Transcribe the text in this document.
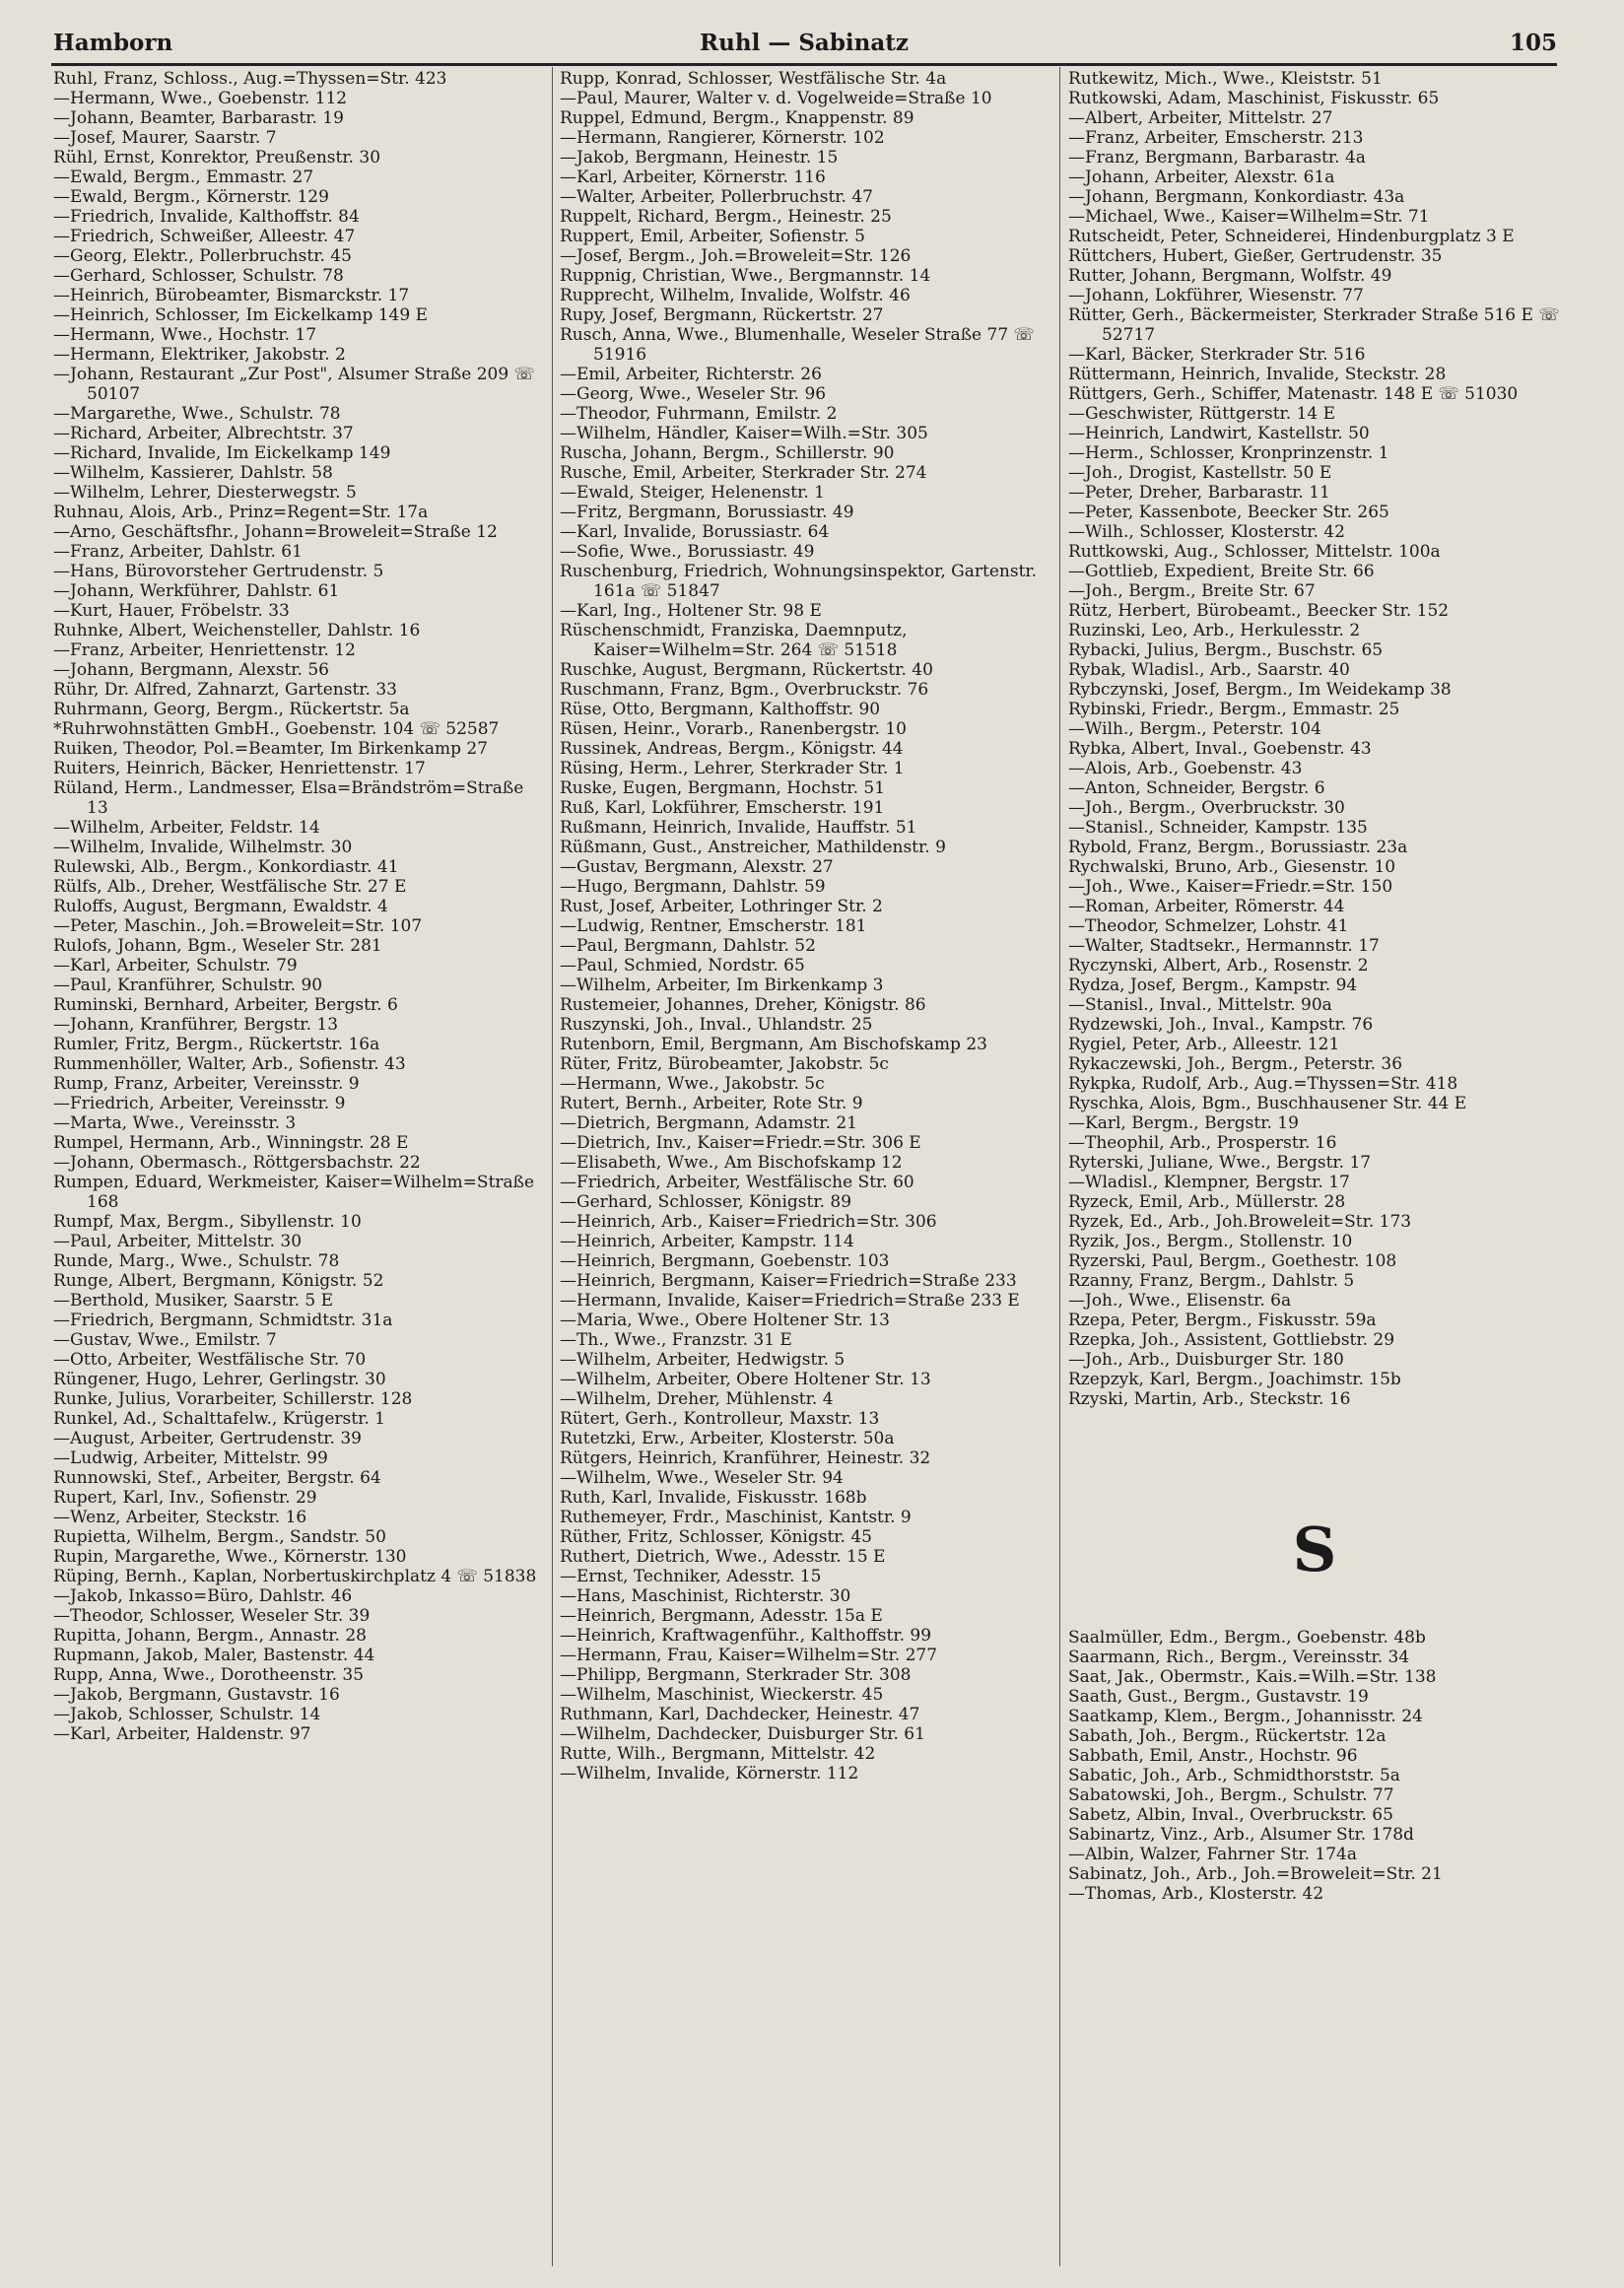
Hamborn	Ruhl — Sabinatz	105
Ruhl, Franz, Schloss., Aug.=Thyssen=Str. 423
—Hermann, Wwe., Goebenstr. 112
—Johann, Beamter, Barbarastr. 19
—Josef, Maurer, Saarstr. 7
Rühl, Ernst, Konrektor, Preußenstr. 30
—Ewald, Bergm., Emmastr. 27
—Ewald, Bergm., Körnerstr. 129
—Friedrich, Invalide, Kalthoffstr. 84
—Friedrich, Schweißer, Alleestr. 47
—Georg, Elektr., Pollerbruchstr. 45
—Gerhard, Schlosser, Schulstr. 78
—Heinrich, Bürobeamter, Bismarckstr. 17
—Heinrich, Schlosser, Im Eickelkamp 149 E
—Hermann, Wwe., Hochstr. 17
—Hermann, Elektriker, Jakobstr. 2
—Johann, Restaurant „Zur Post", Alsumer Straße 209 ☏ 50107
—Margarethe, Wwe., Schulstr. 78
—Richard, Arbeiter, Albrechtstr. 37
—Richard, Invalide, Im Eickelkamp 149
—Wilhelm, Kassierer, Dahlstr. 58
—Wilhelm, Lehrer, Diesterwegstr. 5
Ruhnau, Alois, Arb., Prinz=Regent=Str. 17a
—Arno, Geschäftsfhr., Johann=Broweleit=Straße 12
—Franz, Arbeiter, Dahlstr. 61
—Hans, Bürovorsteher Gertrudenstr. 5
—Johann, Werkführer, Dahlstr. 61
—Kurt, Hauer, Fröbelstr. 33
Ruhnke, Albert, Weichensteller, Dahlstr. 16
—Franz, Arbeiter, Henriettenstr. 12
—Johann, Bergmann, Alexstr. 56
Rühr, Dr. Alfred, Zahnarzt, Gartenstr. 33
Ruhrmann, Georg, Bergm., Rückertstr. 5a
*Ruhrwohnstätten GmbH., Goebenstr. 104 ☏ 52587
Ruiken, Theodor, Pol.=Beamter, Im Birkenkamp 27
Ruiters, Heinrich, Bäcker, Henriettenstr. 17
Rüland, Herm., Landmesser, Elsa=Brändström=Straße 13
—Wilhelm, Arbeiter, Feldstr. 14
—Wilhelm, Invalide, Wilhelmstr. 30
Rulewski, Alb., Bergm., Konkordiastr. 41
Rülfs, Alb., Dreher, Westfälische Str. 27 E
Ruloffs, August, Bergmann, Ewaldstr. 4
—Peter, Maschin., Joh.=Broweleit=Str. 107
Rulofs, Johann, Bgm., Weseler Str. 281
—Karl, Arbeiter, Schulstr. 79
—Paul, Kranführer, Schulstr. 90
Ruminski, Bernhard, Arbeiter, Bergstr. 6
—Johann, Kranführer, Bergstr. 13
Rumler, Fritz, Bergm., Rückertstr. 16a
Rummenhöller, Walter, Arb., Sofienstr. 43
Rump, Franz, Arbeiter, Vereinsstr. 9
—Friedrich, Arbeiter, Vereinsstr. 9
—Marta, Wwe., Vereinsstr. 3
Rumpel, Hermann, Arb., Winningstr. 28 E
—Johann, Obermasch., Röttgersbachstr. 22
Rumpen, Eduard, Werkmeister, Kaiser=Wilhelm=Straße 168
Rumpf, Max, Bergm., Sibyllenstr. 10
—Paul, Arbeiter, Mittelstr. 30
Runde, Marg., Wwe., Schulstr. 78
Runge, Albert, Bergmann, Königstr. 52
—Berthold, Musiker, Saarstr. 5 E
—Friedrich, Bergmann, Schmidtstr. 31a
—Gustav, Wwe., Emilstr. 7
—Otto, Arbeiter, Westfälische Str. 70
Rüngener, Hugo, Lehrer, Gerlingstr. 30
Runke, Julius, Vorarbeiter, Schillerstr. 128
Runkel, Ad., Schalttafelw., Krügerstr. 1
—August, Arbeiter, Gertrudenstr. 39
—Ludwig, Arbeiter, Mittelstr. 99
Runnowski, Stef., Arbeiter, Bergstr. 64
Rupert, Karl, Inv., Sofienstr. 29
—Wenz, Arbeiter, Steckstr. 16
Rupietta, Wilhelm, Bergm., Sandstr. 50
Rupin, Margarethe, Wwe., Körnerstr. 130
Rüping, Bernh., Kaplan, Norbertuskirchplatz 4 ☏ 51838
—Jakob, Inkasso=Büro, Dahlstr. 46
—Theodor, Schlosser, Weseler Str. 39
Rupitta, Johann, Bergm., Annastr. 28
Rupmann, Jakob, Maler, Bastenstr. 44
Rupp, Anna, Wwe., Dorotheenstr. 35
—Jakob, Bergmann, Gustavstr. 16
—Jakob, Schlosser, Schulstr. 14
—Karl, Arbeiter, Haldenstr. 97
Rupp, Konrad, Schlosser, Westfälische Str. 4a
—Paul, Maurer, Walter v. d. Vogelweide=Straße 10
Ruppel, Edmund, Bergm., Knappenstr. 89
—Hermann, Rangierer, Körnerstr. 102
—Jakob, Bergmann, Heinestr. 15
—Karl, Arbeiter, Körnerstr. 116
—Walter, Arbeiter, Pollerbruchstr. 47
Ruppelt, Richard, Bergm., Heinestr. 25
Ruppert, Emil, Arbeiter, Sofienstr. 5
—Josef, Bergm., Joh.=Broweleit=Str. 126
Ruppnig, Christian, Wwe., Bergmannstr. 14
Rupprecht, Wilhelm, Invalide, Wolfstr. 46
Rupy, Josef, Bergmann, Rückertstr. 27
Rusch, Anna, Wwe., Blumenhalle, Weseler Straße 77 ☏ 51916
—Emil, Arbeiter, Richterstr. 26
—Georg, Wwe., Weseler Str. 96
—Theodor, Fuhrmann, Emilstr. 2
—Wilhelm, Händler, Kaiser=Wilh.=Str. 305
Ruscha, Johann, Bergm., Schillerstr. 90
Rusche, Emil, Arbeiter, Sterkrader Str. 274
—Ewald, Steiger, Helenenstr. 1
—Fritz, Bergmann, Borussiastr. 49
—Karl, Invalide, Borussiastr. 64
—Sofie, Wwe., Borussiastr. 49
Ruschenburg, Friedrich, Wohnungsinspektor, Gartenstr. 161a ☏ 51847
—Karl, Ing., Holtener Str. 98 E
Rüschenschmidt, Franziska, Daemnputz, Kaiser=Wilhelm=Str. 264 ☏ 51518
Ruschke, August, Bergmann, Rückertstr. 40
Ruschmann, Franz, Bgm., Overbruckstr. 76
Rüse, Otto, Bergmann, Kalthoffstr. 90
Rüsen, Heinr., Vorarb., Ranenbergstr. 10
Russinek, Andreas, Bergm., Königstr. 44
Rüsing, Herm., Lehrer, Sterkrader Str. 1
Ruske, Eugen, Bergmann, Hochstr. 51
Ruß, Karl, Lokführer, Emscherstr. 191
Rußmann, Heinrich, Invalide, Hauffstr. 51
Rüßmann, Gust., Anstreicher, Mathildenstr. 9
—Gustav, Bergmann, Alexstr. 27
—Hugo, Bergmann, Dahlstr. 59
Rust, Josef, Arbeiter, Lothringer Str. 2
—Ludwig, Rentner, Emscherstr. 181
—Paul, Bergmann, Dahlstr. 52
—Paul, Schmied, Nordstr. 65
—Wilhelm, Arbeiter, Im Birkenkamp 3
Rustemeier, Johannes, Dreher, Königstr. 86
Ruszynski, Joh., Inval., Uhlandstr. 25
Rutenborn, Emil, Bergmann, Am Bischofskamp 23
Rüter, Fritz, Bürobeamter, Jakobstr. 5c
—Hermann, Wwe., Jakobstr. 5c
Rutert, Bernh., Arbeiter, Rote Str. 9
—Dietrich, Bergmann, Adamstr. 21
—Dietrich, Inv., Kaiser=Friedr.=Str. 306 E
—Elisabeth, Wwe., Am Bischofskamp 12
—Friedrich, Arbeiter, Westfälische Str. 60
—Gerhard, Schlosser, Königstr. 89
—Heinrich, Arb., Kaiser=Friedrich=Str. 306
—Heinrich, Arbeiter, Kampstr. 114
—Heinrich, Bergmann, Goebenstr. 103
—Heinrich, Bergmann, Kaiser=Friedrich=Straße 233
—Hermann, Invalide, Kaiser=Friedrich=Straße 233 E
—Maria, Wwe., Obere Holtener Str. 13
—Th., Wwe., Franzstr. 31 E
—Wilhelm, Arbeiter, Hedwigstr. 5
—Wilhelm, Arbeiter, Obere Holtener Str. 13
—Wilhelm, Dreher, Mühlenstr. 4
Rütert, Gerh., Kontrolleur, Maxstr. 13
Rutetzki, Erw., Arbeiter, Klosterstr. 50a
Rütgers, Heinrich, Kranführer, Heinestr. 32
—Wilhelm, Wwe., Weseler Str. 94
Ruth, Karl, Invalide, Fiskusstr. 168b
Ruthemeyer, Frdr., Maschinist, Kantstr. 9
Rüther, Fritz, Schlosser, Königstr. 45
Ruthert, Dietrich, Wwe., Adesstr. 15 E
—Ernst, Techniker, Adesstr. 15
—Hans, Maschinist, Richterstr. 30
—Heinrich, Bergmann, Adesstr. 15a E
—Heinrich, Kraftwagenführ., Kalthoffstr. 99
—Hermann, Frau, Kaiser=Wilhelm=Str. 277
—Philipp, Bergmann, Sterkrader Str. 308
—Wilhelm, Maschinist, Wieckerstr. 45
Ruthmann, Karl, Dachdecker, Heinestr. 47
—Wilhelm, Dachdecker, Duisburger Str. 61
Rutte, Wilh., Bergmann, Mittelstr. 42
—Wilhelm, Invalide, Körnerstr. 112
Rutkewitz, Mich., Wwe., Kleiststr. 51
Rutkowski, Adam, Maschinist, Fiskusstr. 65
—Albert, Arbeiter, Mittelstr. 27
—Franz, Arbeiter, Emscherstr. 213
—Franz, Bergmann, Barbarastr. 4a
—Johann, Arbeiter, Alexstr. 61a
—Johann, Bergmann, Konkordiastr. 43a
—Michael, Wwe., Kaiser=Wilhelm=Str. 71
Rutscheidt, Peter, Schneiderei, Hindenburgplatz 3 E
Rüttchers, Hubert, Gießer, Gertrudenstr. 35
Rutter, Johann, Bergmann, Wolfstr. 49
—Johann, Lokführer, Wiesenstr. 77
Rütter, Gerh., Bäckermeister, Sterkrader Straße 516 E ☏ 52717
—Karl, Bäcker, Sterkrader Str. 516
Rüttermann, Heinrich, Invalide, Steckstr. 28
Rüttgers, Gerh., Schiffer, Matenastr. 148 E ☏ 51030
—Geschwister, Rüttgerstr. 14 E
—Heinrich, Landwirt, Kastellstr. 50
—Herm., Schlosser, Kronprinzenstr. 1
—Joh., Drogist, Kastellstr. 50 E
—Peter, Dreher, Barbarastr. 11
—Peter, Kassenbote, Beecker Str. 265
—Wilh., Schlosser, Klosterstr. 42
Ruttkowski, Aug., Schlosser, Mittelstr. 100a
—Gottlieb, Expedient, Breite Str. 66
—Joh., Bergm., Breite Str. 67
Rütz, Herbert, Bürobeamt., Beecker Str. 152
Ruzinski, Leo, Arb., Herkulesstr. 2
Rybacki, Julius, Bergm., Buschstr. 65
Rybak, Wladisl., Arb., Saarstr. 40
Rybczynski, Josef, Bergm., Im Weidekamp 38
Rybinski, Friedr., Bergm., Emmastr. 25
—Wilh., Bergm., Peterstr. 104
Rybka, Albert, Inval., Goebenstr. 43
—Alois, Arb., Goebenstr. 43
—Anton, Schneider, Bergstr. 6
—Joh., Bergm., Overbruckstr. 30
—Stanisl., Schneider, Kampstr. 135
Rybold, Franz, Bergm., Borussiastr. 23a
Rychwalski, Bruno, Arb., Giesenstr. 10
—Joh., Wwe., Kaiser=Friedr.=Str. 150
—Roman, Arbeiter, Römerstr. 44
—Theodor, Schmelzer, Lohstr. 41
—Walter, Stadtsekr., Hermannstr. 17
Ryczynski, Albert, Arb., Rosenstr. 2
Rydza, Josef, Bergm., Kampstr. 94
—Stanisl., Inval., Mittelstr. 90a
Rydzewski, Joh., Inval., Kampstr. 76
Rygiel, Peter, Arb., Alleestr. 121
Rykaczewski, Joh., Bergm., Peterstr. 36
Rykpka, Rudolf, Arb., Aug.=Thyssen=Str. 418
Ryschka, Alois, Bgm., Buschhausener Str. 44 E
—Karl, Bergm., Bergstr. 19
—Theophil, Arb., Prosperstr. 16
Ryterski, Juliane, Wwe., Bergstr. 17
—Wladisl., Klempner, Bergstr. 17
Ryzeck, Emil, Arb., Müllerstr. 28
Ryzek, Ed., Arb., Joh.Broweleit=Str. 173
Ryzik, Jos., Bergm., Stollenstr. 10
Ryzerski, Paul, Bergm., Goethestr. 108
Rzanny, Franz, Bergm., Dahlstr. 5
—Joh., Wwe., Elisenstr. 6a
Rzepa, Peter, Bergm., Fiskusstr. 59a
Rzepka, Joh., Assistent, Gottliebstr. 29
—Joh., Arb., Duisburger Str. 180
Rzepzyk, Karl, Bergm., Joachimstr. 15b
Rzyski, Martin, Arb., Steckstr. 16
S
Saalmüller, Edm., Bergm., Goebenstr. 48b
Saarmann, Rich., Bergm., Vereinsstr. 34
Saat, Jak., Obermstr., Kais.=Wilh.=Str. 138
Saath, Gust., Bergm., Gustavstr. 19
Saatkamp, Klem., Bergm., Johannisstr. 24
Sabath, Joh., Bergm., Rückertstr. 12a
Sabbath, Emil, Anstr., Hochstr. 96
Sabatic, Joh., Arb., Schmidthorststr. 5a
Sabatowski, Joh., Bergm., Schulstr. 77
Sabetz, Albin, Inval., Overbruckstr. 65
Sabinartz, Vinz., Arb., Alsumer Str. 178d
—Albin, Walzer, Fahrner Str. 174a
Sabinatz, Joh., Arb., Joh.=Broweleit=Str. 21
—Thomas, Arb., Klosterstr. 42
